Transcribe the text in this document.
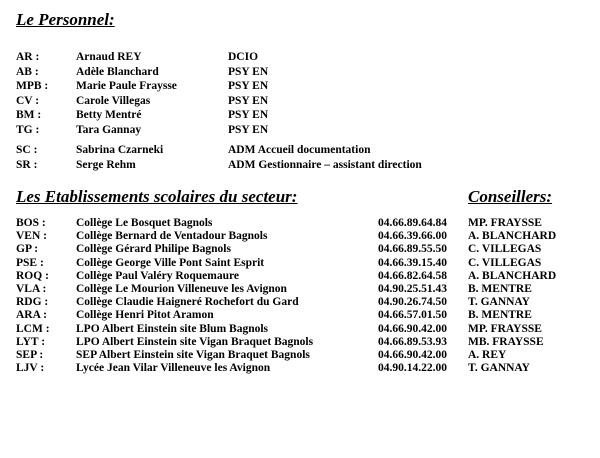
Le Personnel:
AR :	Arnaud REY	DCIO
AB :	Adèle Blanchard	PSY EN
MPB : Marie Paule Fraysse	PSY EN
CV :	Carole Villegas	PSY EN
BM :	Betty Mentré	PSY EN
TG :	Tara Gannay	PSY EN
SC :	Sabrina Czarneki	ADM Accueil documentation
SR :	Serge Rehm	ADM Gestionnaire – assistant direction
Les Etablissements scolaires du secteur:	Conseillers:
BOS :	Collège Le Bosquet Bagnols	04.66.89.64.84 MP. FRAYSSE
VEN :	Collège Bernard de Ventadour Bagnols	04.66.39.66.00 A. BLANCHARD
GP :	Collège Gérard Philipe Bagnols	04.66.89.55.50 C. VILLEGAS
PSE :	Collège George Ville Pont Saint Esprit	04.66.39.15.40 C. VILLEGAS
ROQ : Collège Paul Valéry Roquemaure	04.66.82.64.58 A. BLANCHARD
VLA :	Collège Le Mourion Villeneuve les Avignon	04.90.25.51.43 B. MENTRE
RDG : Collège Claudie Haigneré Rochefort du Gard	04.90.26.74.50 T. GANNAY
ARA :	Collège Henri Pitot Aramon	04.66.57.01.50 B. MENTRE
LCM : LPO Albert Einstein site Blum Bagnols	04.66.90.42.00 MP. FRAYSSE
LYT :	LPO Albert Einstein site Vigan Braquet Bagnols	04.66.89.53.93 MB. FRAYSSE
SEP :	SEP Albert Einstein site Vigan Braquet Bagnols	04.66.90.42.00 A. REY
LJV :	Lycée Jean Vilar Villeneuve les Avignon	04.90.14.22.00 T. GANNAY
